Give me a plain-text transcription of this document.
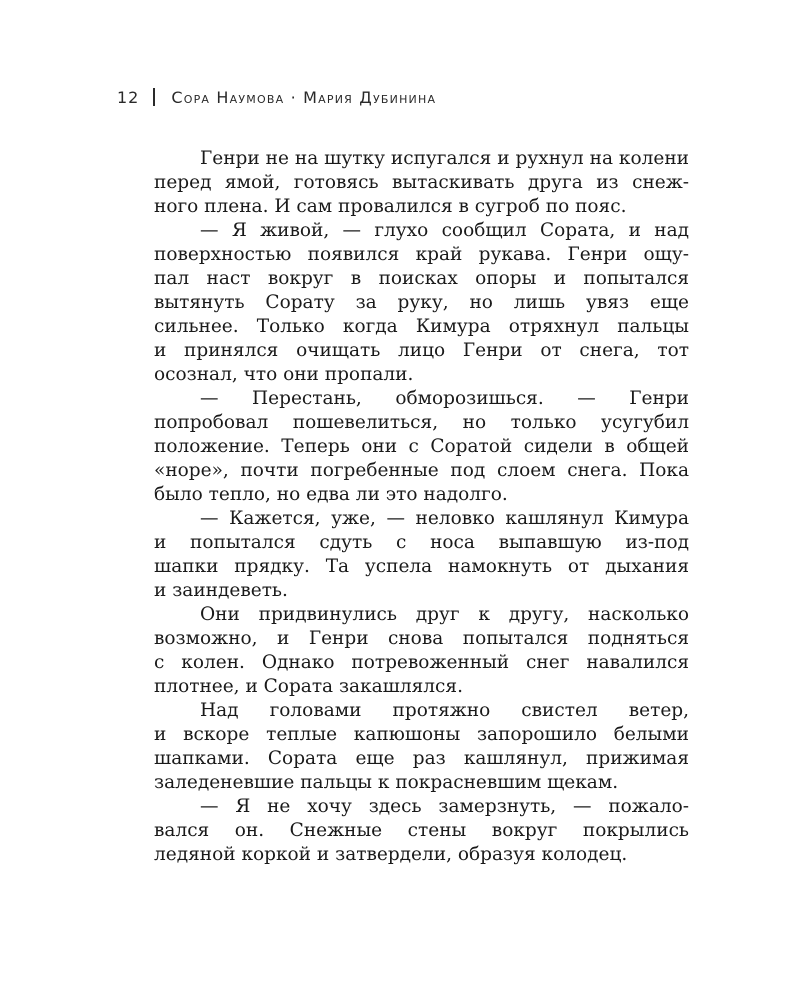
12 Сора Наумова · Мария Дубинина
Генри не на шутку испугался и рухнул на колени
перед ямой, готовясь вытаскивать друга из снеж-
ного плена. И сам провалился в сугроб по пояс.
— Я живой, — глухо сообщил Сората, и над
поверхностью появился край рукава. Генри ощу-
пал наст вокруг в поисках опоры и попытался
вытянуть Сорату за руку, но лишь увяз еще
сильнее. Только когда Кимура отряхнул пальцы
и принялся очищать лицо Генри от снега, тот
осознал, что они пропали.
— Перестань, обморозишься. — Генри
попробовал пошевелиться, но только усугубил
положение. Теперь они с Соратой сидели в общей
«норе», почти погребенные под слоем снега. Пока
было тепло, но едва ли это надолго.
— Кажется, уже, — неловко кашлянул Кимура
и попытался сдуть с носа выпавшую из-под
шапки прядку. Та успела намокнуть от дыхания
и заиндеветь.
Они придвинулись друг к другу, насколько
возможно, и Генри снова попытался подняться
с колен. Однако потревоженный снег навалился
плотнее, и Сората закашлялся.
Над головами протяжно свистел ветер,
и вскоре теплые капюшоны запорошило белыми
шапками. Сората еще раз кашлянул, прижимая
заледеневшие пальцы к покрасневшим щекам.
— Я не хочу здесь замерзнуть, — пожало-
вался он. Снежные стены вокруг покрылись
ледяной коркой и затвердели, образуя колодец.
